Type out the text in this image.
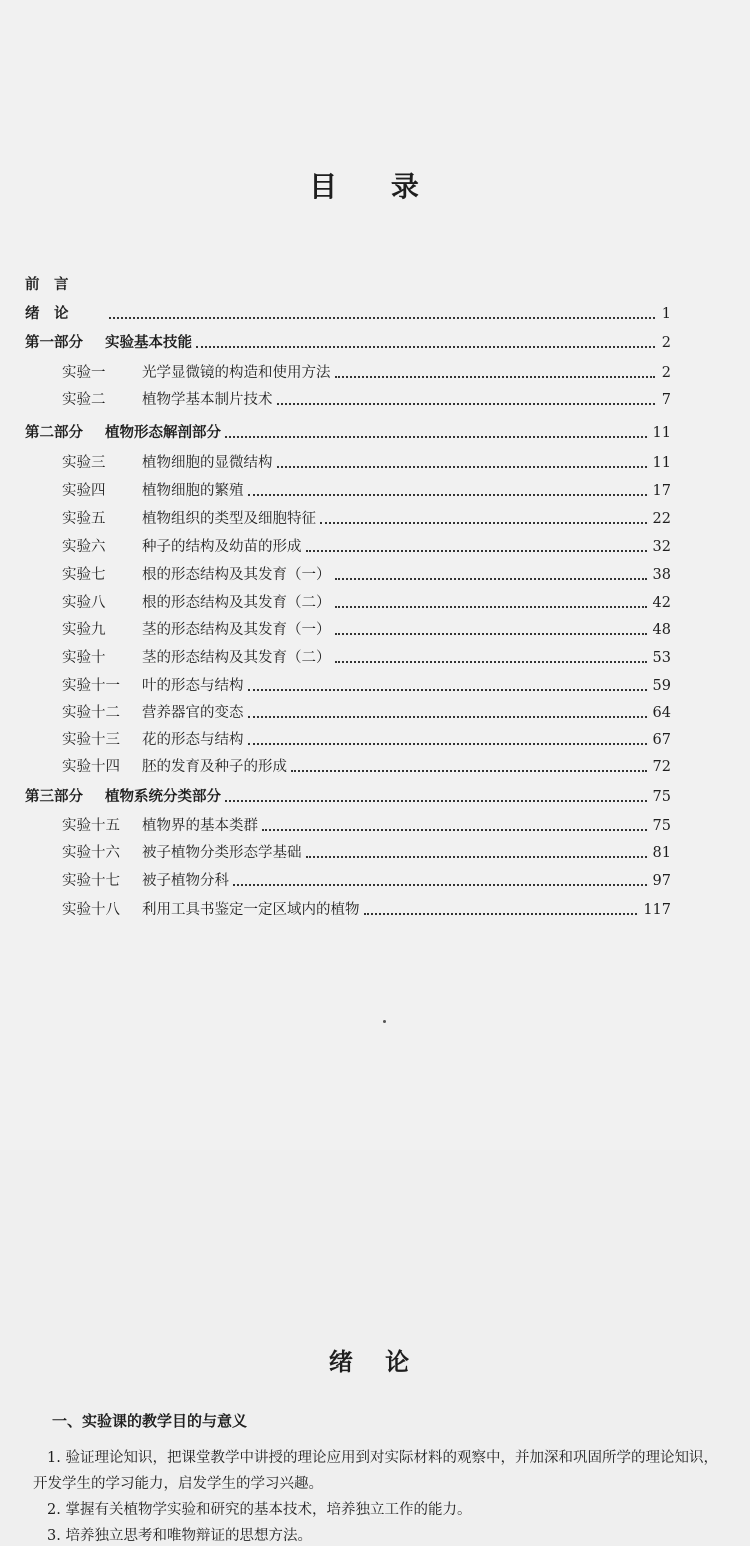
目 录
前　言
绪　论	1
第一部分 实验基本技能	2
实验一	光学显微镜的构造和使用方法	2
实验二	植物学基本制片技术	7
第二部分 植物形态解剖部分	11
实验三	植物细胞的显微结构	11
实验四	植物细胞的繁殖	17
实验五	植物组织的类型及细胞特征	22
实验六	种子的结构及幼苗的形成	32
实验七	根的形态结构及其发育（一）	38
实验八	根的形态结构及其发育（二）	42
实验九	茎的形态结构及其发育（一）	48
实验十	茎的形态结构及其发育（二）	53
实验十一 叶的形态与结构	59
实验十二 营养器官的变态	64
实验十三 花的形态与结构	67
实验十四 胚的发育及种子的形成	72
第三部分 植物系统分类部分	75
实验十五 植物界的基本类群	75
实验十六 被子植物分类形态学基础	81
实验十七 被子植物分科	97
实验十八 利用工具书鉴定一定区域内的植物	117
绪 论
一、实验课的教学目的与意义
1. 验证理论知识，把课堂教学中讲授的理论应用到对实际材料的观察中，并加深和巩固所学的理论知识，开发学生的学习能力，启发学生的学习兴趣。
2. 掌握有关植物学实验和研究的基本技术，培养独立工作的能力。
3. 培养独立思考和唯物辩证的思想方法。
